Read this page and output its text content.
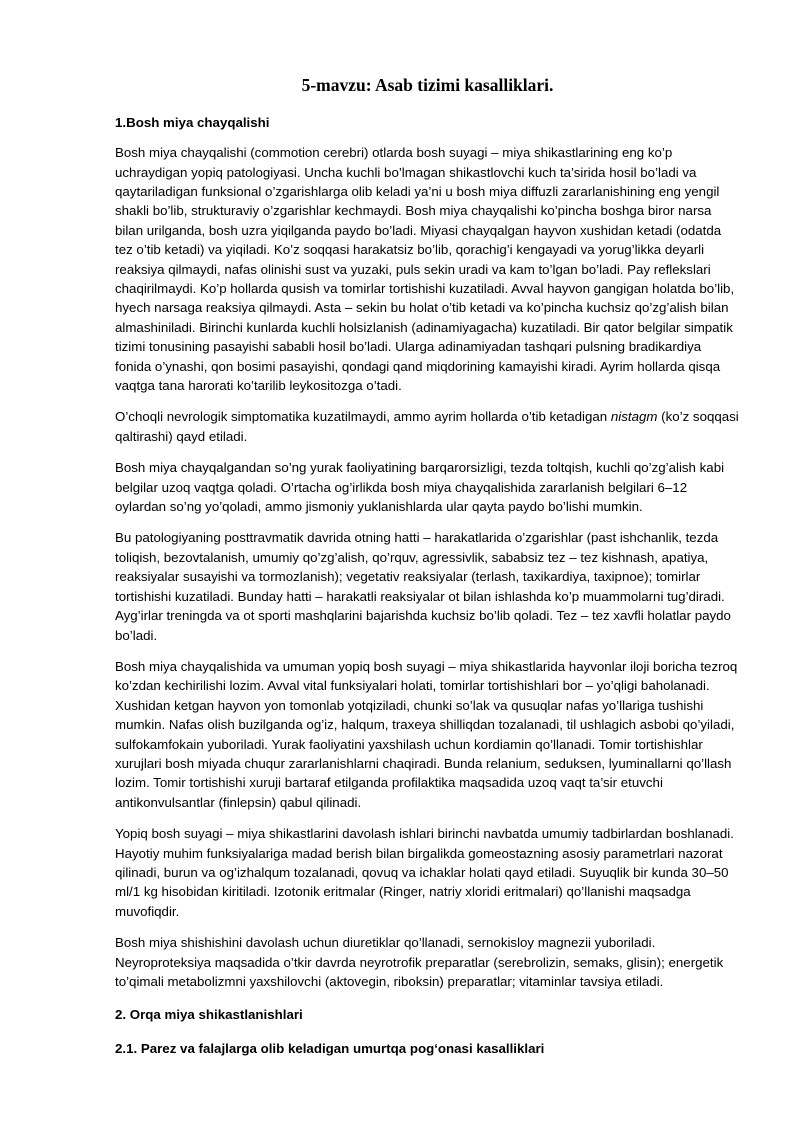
5-mavzu: Asab tizimi kasalliklari.
1.Bosh miya chayqalishi

Bosh miya chayqalishi (commotion cerebri) otlarda bosh suyagi – miya shikastlarining eng ko’p uchraydigan yopiq patologiyasi. Uncha kuchli bo’lmagan shikastlovchi kuch ta’sirida hosil bo’ladi va qaytariladigan funksional o’zgarishlarga olib keladi ya’ni u bosh miya diffuzli zararlanishining eng yengil shakli bo’lib, strukturaviy o’zgarishlar kechmaydi. Bosh miya chayqalishi ko’pincha boshga biror narsa bilan urilganda, bosh uzra yiqilganda paydo bo’ladi. Miyasi chayqalgan hayvon xushidan ketadi (odatda tez o’tib ketadi) va yiqiladi. Ko’z soqqasi harakatsiz bo’lib, qorachig’i kengayadi va yorug’likka deyarli reaksiya qilmaydi, nafas olinishi sust va yuzaki, puls sekin uradi va kam to’lgan bo’ladi. Pay reflekslari chaqirilmaydi. Ko’p hollarda qusish va tomirlar tortishishi kuzatiladi. Avval hayvon gangigan holatda bo’lib, hyech narsaga reaksiya qilmaydi. Asta – sekin bu holat o’tib ketadi va ko’pincha kuchsiz qo’zg’alish bilan almashiniladi. Birinchi kunlarda kuchli holsizlanish (adinamiyagacha) kuzatiladi. Bir qator belgilar simpatik tizimi tonusining pasayishi sababli hosil bo’ladi. Ularga adinamiyadan tashqari pulsning bradikardiya fonida o’ynashi, qon bosimi pasayishi, qondagi qand miqdorining kamayishi kiradi. Ayrim hollarda qisqa vaqtga tana harorati ko’tarilib leykositozga o’tadi.

O’choqli nevrologik simptomatika kuzatilmaydi, ammo ayrim hollarda o’tib ketadigan nistagm (ko’z soqqasi qaltirashi) qayd etiladi.

Bosh miya chayqalgandan so’ng yurak faoliyatining barqarorsizligi, tezda toltqish, kuchli qo’zg’alish kabi belgilar uzoq vaqtga qoladi. O’rtacha og’irlikda bosh miya chayqalishida zararlanish belgilari 6–12 oylardan so’ng yo’qoladi, ammo jismoniy yuklanishlarda ular qayta paydo bo’lishi mumkin.

Bu patologiyaning posttravmatik davrida otning hatti – harakatlarida o’zgarishlar (past ishchanlik, tezda toliqish, bezovtalanish, umumiy qo’zg’alish, qo’rquv, agressivlik, sababsiz tez – tez kishnash, apatiya, reaksiyalar susayishi va tormozlanish); vegetativ reaksiyalar (terlash, taxikardiya, taxipnoe); tomirlar tortishishi kuzatiladi. Bunday hatti – harakatli reaksiyalar ot bilan ishlashda ko’p muammolarni tug’diradi. Ayg’irlar treningda va ot sporti mashqlarini bajarishda kuchsiz bo’lib qoladi. Tez – tez xavfli holatlar paydo bo’ladi.

Bosh miya chayqalishida va umuman yopiq bosh suyagi – miya shikastlarida hayvonlar iloji boricha tezroq ko’zdan kechirilishi lozim. Avval vital funksiyalari holati, tomirlar tortishishlari bor – yo’qligi baholanadi. Xushidan ketgan hayvon yon tomonlab yotqiziladi, chunki so’lak va qusuqlar nafas yo’llariga tushishi mumkin. Nafas olish buzilganda og’iz, halqum, traxeya shilliqdan tozalanadi, til ushlagich asbobi qo’yiladi, sulfokamfokain yuboriladi. Yurak faoliyatini yaxshilash uchun kordiamin qo’llanadi. Tomir tortishishlar xurujlari bosh miyada chuqur zararlanishlarni chaqiradi. Bunda relanium, seduksen, lyuminallarni qo’llash lozim. Tomir tortishishi xuruji bartaraf etilganda profilaktika maqsadida uzoq vaqt ta’sir etuvchi antikonvulsantlar (finlepsin) qabul qilinadi.

Yopiq bosh suyagi – miya shikastlarini davolash ishlari birinchi navbatda umumiy tadbirlardan boshlanadi. Hayotiy muhim funksiyalariga madad berish bilan birgalikda gomeostazning asosiy parametrlari nazorat qilinadi, burun va og’izhalqum tozalanadi, qovuq va ichaklar holati qayd etiladi. Suyuqlik bir kunda 30–50 ml/1 kg hisobidan kiritiladi. Izotonik eritmalar (Ringer, natriy xloridi eritmalari) qo’llanishi maqsadga muvofiqdir.

Bosh miya shishishini davolash uchun diuretiklar qo’llanadi, sernokisloy magnezii yuboriladi. Neyroproteksiya maqsadida o’tkir davrda neyrotrofik preparatlar (serebrolizin, semaks, glisin); energetik to’qimali metabolizmni yaxshilovchi (aktovegin, riboksin) preparatlar; vitaminlar tavsiya etiladi.

2. Orqa miya shikastlanishlari
2.1. Parez va falajlarga olib keladigan umurtqa pog‘onasi kasalliklari
